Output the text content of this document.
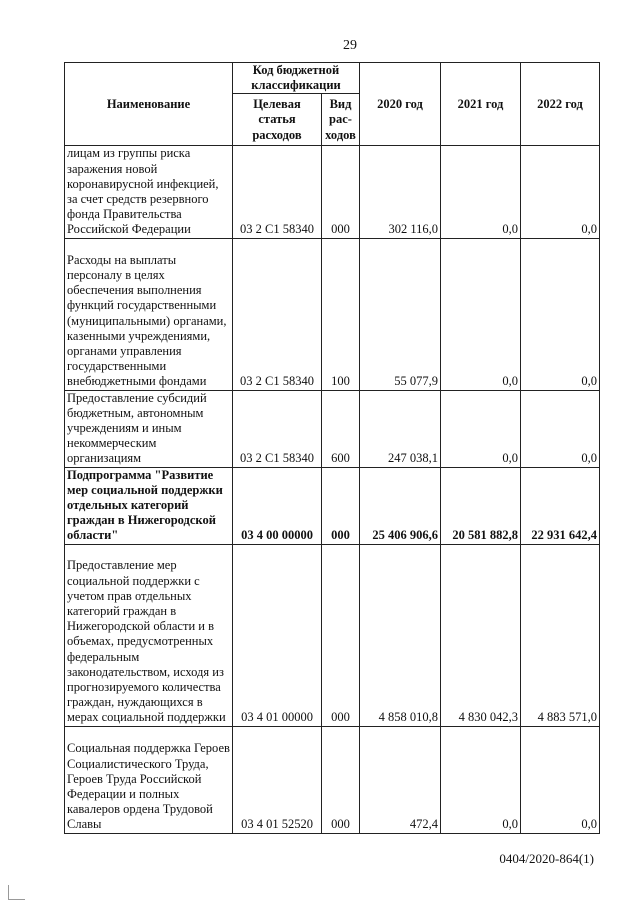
29
Наименование	Код бюджетной классификации		2020 год	2021 год	2022 год
	Целевая статья расходов	Вид рас-ходов			
лицам из группы риска заражения новой коронавирусной инфекцией, за счет средств резервного фонда Правительства Российской Федерации	03 2 С1 58340	000	302 116,0	0,0	0,0
Расходы на выплаты персоналу в целях обеспечения выполнения функций государственными (муниципальными) органами, казенными учреждениями, органами управления государственными внебюджетными фондами	03 2 С1 58340	100	55 077,9	0,0	0,0
Предоставление субсидий бюджетным, автономным учреждениям и иным некоммерческим организациям	03 2 С1 58340	600	247 038,1	0,0	0,0
Подпрограмма "Развитие мер социальной поддержки отдельных категорий граждан в Нижегородской области"	03 4 00 00000	000	25 406 906,6	20 581 882,8	22 931 642,4
Предоставление мер социальной поддержки с учетом прав отдельных категорий граждан в Нижегородской области и в объемах, предусмотренных федеральным законодательством, исходя из прогнозируемого количества граждан, нуждающихся в мерах социальной поддержки	03 4 01 00000	000	4 858 010,8	4 830 042,3	4 883 571,0
Социальная поддержка Героев Социалистического Труда, Героев Труда Российской Федерации и полных кавалеров ордена Трудовой Славы	03 4 01 52520	000	472,4	0,0	0,0
0404/2020-864(1)
